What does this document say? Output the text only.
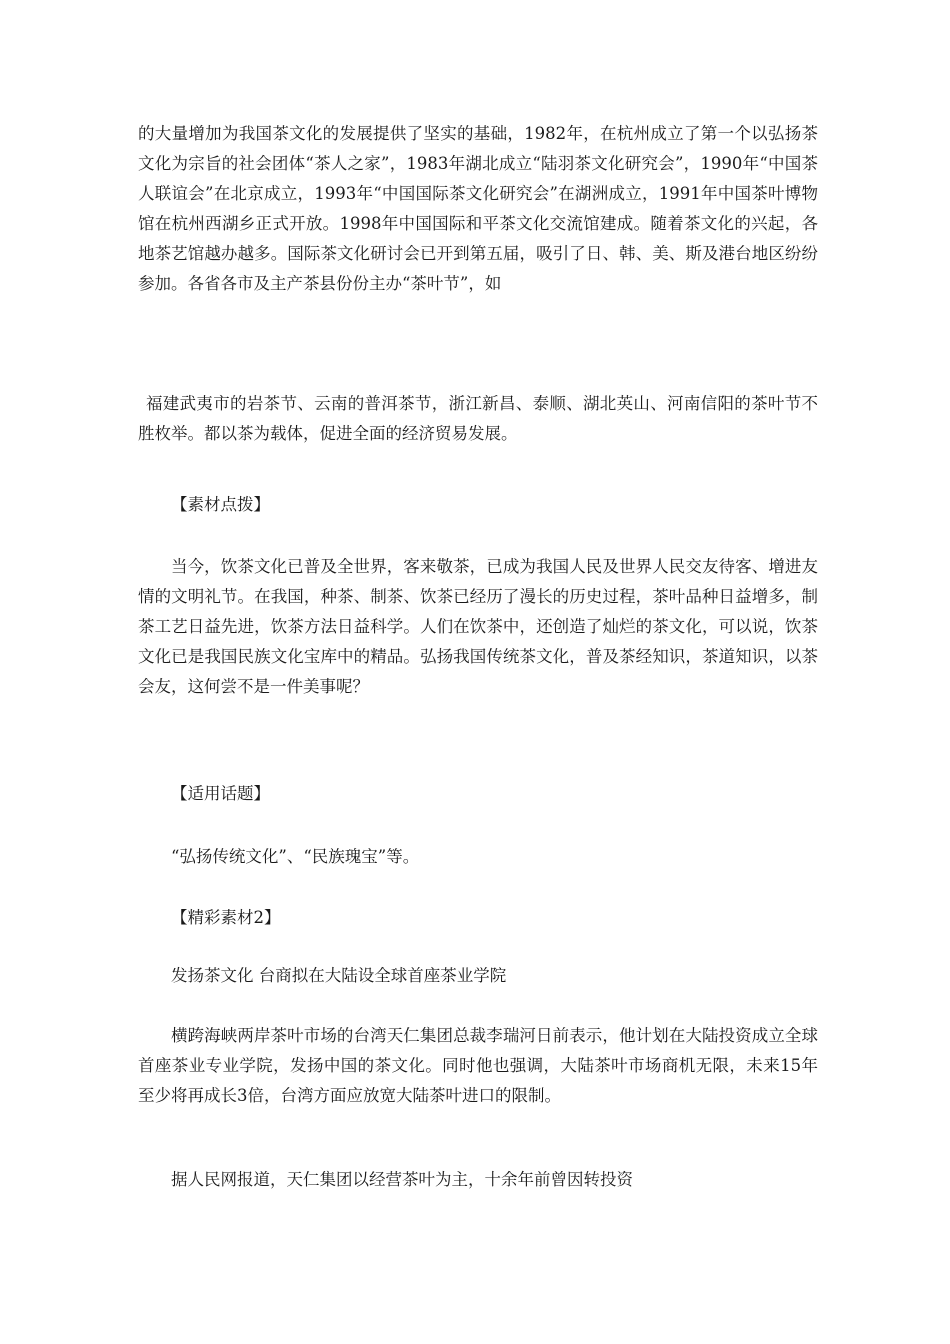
的大量增加为我国茶文化的发展提供了坚实的基础，1982年，在杭州成立了第一个以弘扬茶文化为宗旨的社会团体“茶人之家”，1983年湖北成立“陆羽茶文化研究会”，1990年“中国茶人联谊会”在北京成立，1993年“中国国际茶文化研究会”在湖洲成立，1991年中国茶叶博物馆在杭州西湖乡正式开放。1998年中国国际和平茶文化交流馆建成。随着茶文化的兴起，各地茶艺馆越办越多。国际茶文化研讨会已开到第五届，吸引了日、韩、美、斯及港台地区纷纷参加。各省各市及主产茶县份份主办“茶叶节”，如

福建武夷市的岩茶节、云南的普洱茶节，浙江新昌、泰顺、湖北英山、河南信阳的茶叶节不胜枚举。都以茶为载体，促进全面的经济贸易发展。

【素材点拨】

当今，饮茶文化已普及全世界，客来敬茶，已成为我国人民及世界人民交友待客、增进友情的文明礼节。在我国，种茶、制茶、饮茶已经历了漫长的历史过程，茶叶品种日益增多，制茶工艺日益先进，饮茶方法日益科学。人们在饮茶中，还创造了灿烂的茶文化，可以说，饮茶文化已是我国民族文化宝库中的精品。弘扬我国传统茶文化，普及茶经知识，茶道知识，以茶会友，这何尝不是一件美事呢？

【适用话题】

“弘扬传统文化”、“民族瑰宝”等。

【精彩素材2】

发扬茶文化 台商拟在大陆设全球首座茶业学院

横跨海峡两岸茶叶市场的台湾天仁集团总裁李瑞河日前表示，他计划在大陆投资成立全球首座茶业专业学院，发扬中国的茶文化。同时他也强调，大陆茶叶市场商机无限，未来15年至少将再成长3倍，台湾方面应放宽大陆茶叶进口的限制。

据人民网报道，天仁集团以经营茶叶为主，十余年前曾因转投资
